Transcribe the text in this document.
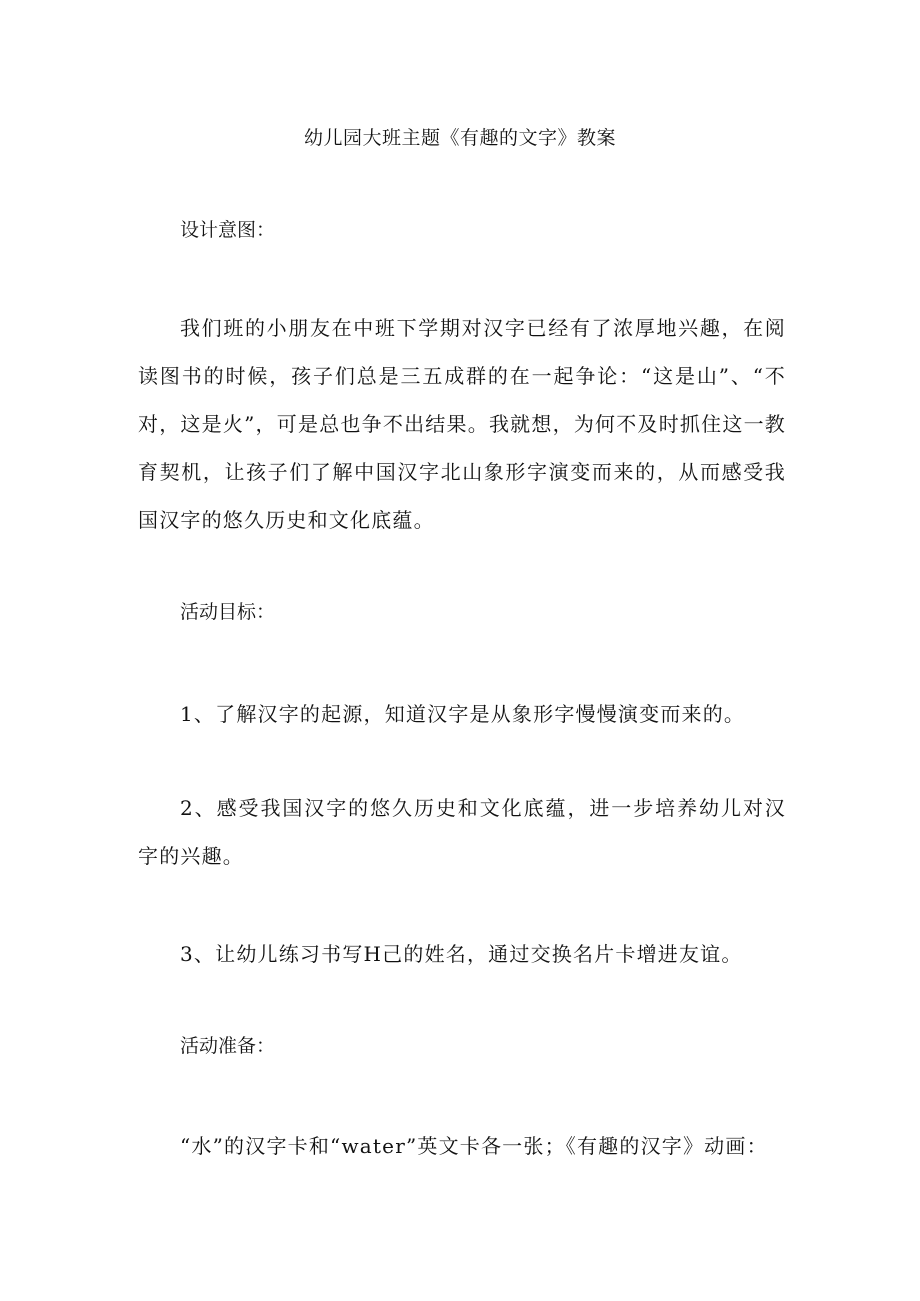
幼儿园大班主题《有趣的文字》教案

设计意图：

我们班的小朋友在中班下学期对汉字已经有了浓厚地兴趣，在阅读图书的时候，孩子们总是三五成群的在一起争论：“这是山”、“不对，这是火”，可是总也争不出结果。我就想，为何不及时抓住这一教育契机，让孩子们了解中国汉字北山象形字演变而来的，从而感受我国汉字的悠久历史和文化底蕴。

活动目标：

1、了解汉字的起源，知道汉字是从象形字慢慢演变而来的。

2、感受我国汉字的悠久历史和文化底蕴，进一步培养幼儿对汉字的兴趣。

3、让幼儿练习书写H己的姓名，通过交换名片卡增进友谊。

活动准备：

“水”的汉字卡和“water”英文卡各一张；《有趣的汉字》动画：
